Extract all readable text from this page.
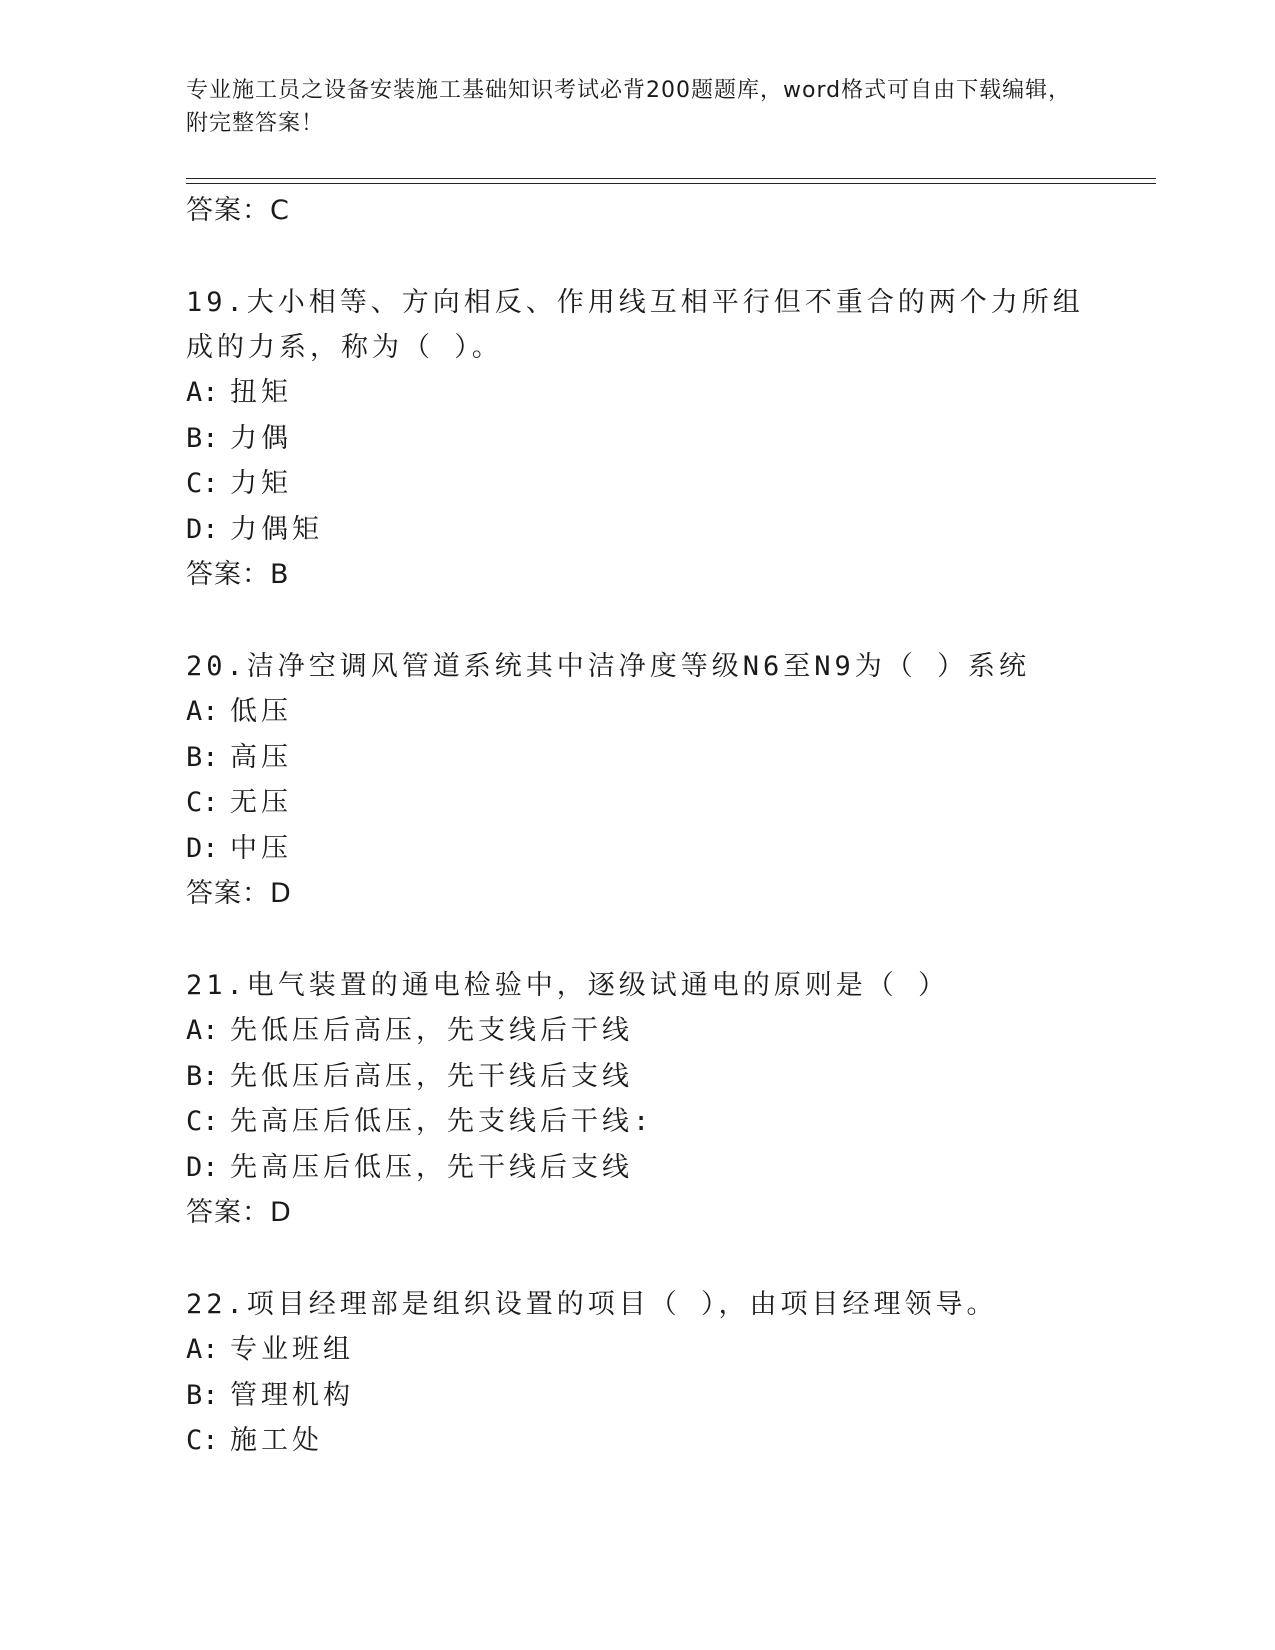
专业施工员之设备安装施工基础知识考试必背200题题库，word格式可自由下载编辑，附完整答案！
答案：C
19.大小相等、方向相反、作用线互相平行但不重合的两个力所组成的力系，称为（ ）。
A: 扭矩
B: 力偶
C: 力矩
D: 力偶矩
答案：B
20.洁净空调风管道系统其中洁净度等级N6至N9为（ ）系统
A: 低压
B: 高压
C: 无压
D: 中压
答案：D
21.电气装置的通电检验中，逐级试通电的原则是（ ）
A: 先低压后高压，先支线后干线
B: 先低压后高压，先干线后支线
C: 先高压后低压，先支线后干线:
D: 先高压后低压，先干线后支线
答案：D
22.项目经理部是组织设置的项目（ ），由项目经理领导。
A: 专业班组
B: 管理机构
C: 施工处
